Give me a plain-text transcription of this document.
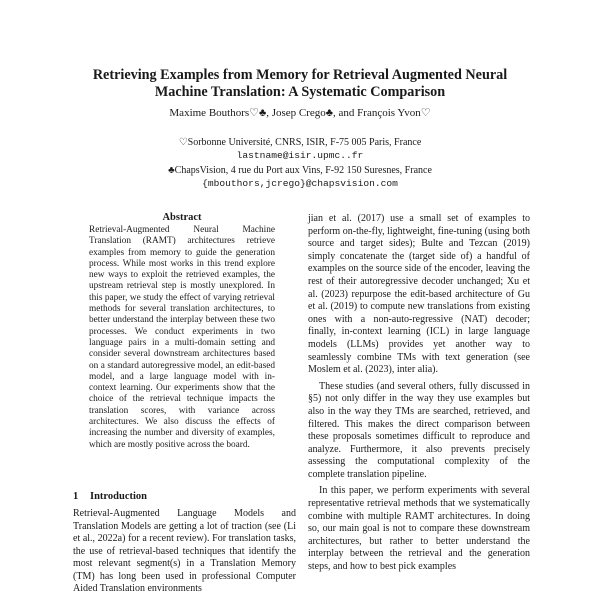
Retrieving Examples from Memory for Retrieval Augmented Neural
Machine Translation: A Systematic Comparison
Maxime Bouthors♡♣, Josep Crego♣, and François Yvon♡
♡Sorbonne Université, CNRS, ISIR, F-75 005 Paris, France
lastname@isir.upmc..fr
♣ChapsVision, 4 rue du Port aux Vins, F-92 150 Suresnes, France
{mbouthors,jcrego}@chapsvision.com
Abstract

Retrieval-Augmented Neural Machine Translation (RAMT) architectures retrieve examples from memory to guide the generation process. While most works in this trend explore new ways to exploit the retrieved examples, the upstream retrieval step is mostly unexplored. In this paper, we study the effect of varying retrieval methods for several translation architectures, to better understand the interplay between these two processes. We conduct experiments in two language pairs in a multi-domain setting and consider several downstream architectures based on a standard autoregressive model, an edit-based model, and a large language model with in-context learning. Our experiments show that the choice of the retrieval technique impacts the translation scores, with variance across architectures. We also discuss the effects of increasing the number and diversity of examples, which are mostly positive across the board.

1 Introduction

Retrieval-Augmented Language Models and Translation Models are getting a lot of traction (see (Li et al., 2022a) for a recent review). For translation tasks, the use of retrieval-based techniques that identify the most relevant segment(s) in a Translation Memory (TM) has long been used in professional Computer Aided Translation environments

jian et al. (2017) use a small set of examples to perform on-the-fly, lightweight, fine-tuning (using both source and target sides); Bulte and Tezcan (2019) simply concatenate the (target side of) a handful of examples on the source side of the encoder, leaving the rest of their autoregressive decoder unchanged; Xu et al. (2023) repurpose the edit-based architecture of Gu et al. (2019) to compute new translations from existing ones with a non-auto-regressive (NAT) decoder; finally, in-context learning (ICL) in large language models (LLMs) provides yet another way to seamlessly combine TMs with text generation (see Moslem et al. (2023), inter alia).

These studies (and several others, fully discussed in §5) not only differ in the way they use examples but also in the way they TMs are searched, retrieved, and filtered. This makes the direct comparison between these proposals sometimes difficult to reproduce and analyze. Furthermore, it also prevents precisely assessing the computational complexity of the complete translation pipeline.

In this paper, we perform experiments with several representative retrieval methods that we systematically combine with multiple RAMT architectures. In doing so, our main goal is not to compare these downstream architectures, but rather to better understand the interplay between the retrieval and the generation steps, and how to best pick examples
